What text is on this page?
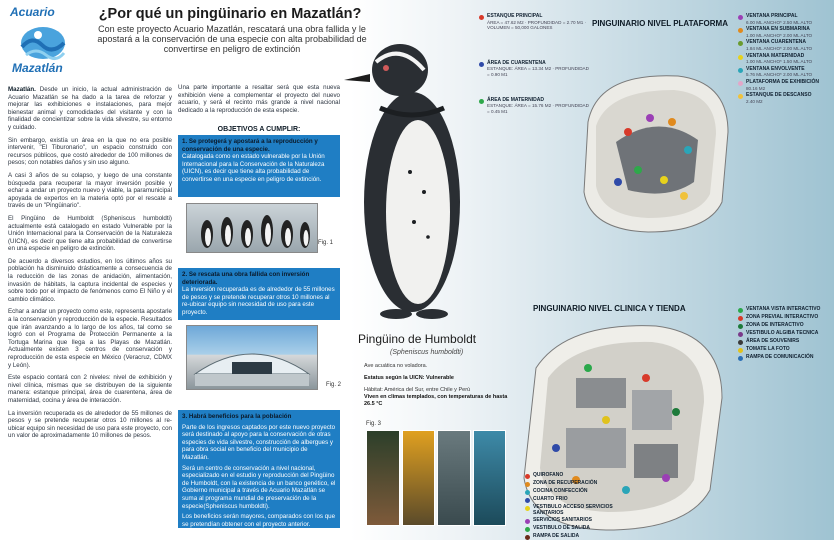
Acuario
Mazatlán
¿Por qué un pingüinario en Mazatlán?
Con este proyecto Acuario Mazatlán, rescatará una obra fallida y le apostará a la conservación de una especie con alta probabilidad de convertirse en peligro de extinción

Mazatlán. Desde un inicio, la actual administración de Acuario Mazatlán se ha dado a la tarea de reforzar y mejorar las exhibiciones e instalaciones, para mejor bienestar animal y comodidades del visitante y con la finalidad de concientizar sobre la vida silvestre, su entorno y cuidado.

Sin embargo, existía un área en la que no era posible intervenir, "El Tiburonario", un espacio construido con recursos públicos, que costó alrededor de 100 millones de pesos; con notables daños y sin uso alguno.

A casi 3 años de su colapso, y luego de una constante búsqueda para recuperar la mayor inversión posible y echar a andar un proyecto nuevo y viable, la paramunicipal apoyada de expertos en la materia optó por el rescate a través de un "Pingüinario".

El Pingüino de Humboldt (Spheniscus humboldti) actualmente está catalogado en estado Vulnerable por la Unión Internacional para la Conservación de la Naturaleza (UICN), es decir que tiene alta probabilidad de convertirse en una especie en peligro de extinción.

De acuerdo a diversos estudios, en los últimos años su población ha disminuido drásticamente a consecuencia de la reducción de las zonas de anidación, alimentación, invasión de hábitats, la captura incidental de especies y sobre todo por el impacto de fenómenos como El Niño y el cambio climático.

Echar a andar un proyecto como este, representa apostarle a la conservación y reproducción de la especie. Resultados que irán avanzando a lo largo de los años, tal como se logró con el Programa de Protección Permanente a la Tortuga Marina que llega a las Playas de Mazatlán. Actualmente existen 3 centros de conservación y reproducción de esta especie en México (Veracruz, CDMX y León).

Este espacio contará con 2 niveles: nivel de exhibición y nivel clínica, mismas que se distribuyen de la siguiente manera: estanque principal, área de cuarentena, área de maternidad, cocina y área de interacción.

La inversión recuperada es de alrededor de 55 millones de pesos y se pretende recuperar otros 10 millones al re-ubicar equipo sin necesidad de uso para este proyecto, con un valor de aproximadamente 10 millones de pesos.

Una parte importante a resaltar será que esta nueva exhibición viene a complementar el proyecto del nuevo acuario, y será el recinto más grande a nivel nacional dedicado a la reproducción de esta especie.
OBJETIVOS A CUMPLIR:
1. Se protegerá y apostará a la reproducción y conservación de una especie.
Catalogada como en estado vulnerable por la Unión Internacional para la Conservación de la Naturaleza (UICN), es decir que tiene alta probabilidad de convertirse en una especie en peligro de extinción.
Fig. 1
2. Se rescata una obra fallida con inversión deteriorada.
La inversión recuperada es de alrededor de 55 millones de pesos y se pretende recuperar otros 10 millones al re-ubicar equipo sin necesidad de uso para este proyecto.
Fig. 2
3. Habrá beneficios para la población
Parte de los ingresos captados por este nuevo proyecto será destinado al apoyo para la conservación de otras especies de vida silvestre, construcción de albergues y para obra social en beneficio del municipio de Mazatlán.
Será un centro de conservación a nivel nacional, especializado en el estudio y reproducción del Pingüino de Humboldt, con la existencia de un banco genético, el Gobierno municipal a través de Acuario Mazatlán se suma al programa mundial de preservación de la especie(Spheniscus humboldti).
Los beneficios serán mayores, comparados con los que se pretendían obtener con el proyecto anterior.
Pingüino de Humboldt
(Spheniscus humboldti)
Ave acuática no voladora.
Estatus según la UICN: Vulnerable
Hábitat: América del Sur, entre Chile y Perú
Viven en climas templados, con temperaturas de hasta 26.5 °C
Fig. 3
ESTANQUE PRINCIPAL
ÁREA = 47.62 M2 · PROFUNDIDAD = 2.70 M1 · VOLUMEN = 50,000 GALONES
ÁREA DE CUARENTENA
ESTANQUE: ÁREA = 13.34 M2 · PROFUNDIDAD = 0.90 M1
ÁREA DE MATERNIDAD
ESTANQUE: ÁREA = 15.76 M2 · PROFUNDIDAD = 0.45 M1
PINGUINARIO NIVEL PLATAFORMA
VENTANA PRINCIPAL
6.00 ML ANCHO* 2.50 ML ALTO
VENTANA EN SUBMARINA
1.00 ML ANCHO* 2.00 ML ALTO
VENTANA CUARENTENA
1.84 ML ANCHO* 2.00 ML ALTO
VENTANA MATERNIDAD
1.00 ML ANCHO* 1.50 ML ALTO
VENTANA ENVOLVENTE
5.76 ML ANCHO* 2.00 ML ALTO
PLATAFORMA DE EXHIBICIÓN
80.16 M2
ESTANQUE DE DESCANSO
2.40 M2
PINGUINARIO NIVEL CLINICA Y TIENDA	VENTANA VISTA INTERACTIVO
ZONA PREVIAL INTERACTIVO
ZONA DE INTERACTIVO
VESTIBULO ALGIBA TECNICA
ÁREA DE SOUVENIRS
TOMATE LA FOTO
RAMPA DE COMUNICACIÓN
QUIROFANO
ZONA DE RECUPERACIÓN
COCINA CONFECCIÓN
CUARTO FRIO
VESTIBULO ACCESO SERVICIOS SANITARIOS
SERVICIOS SANITARIOS
VESTIBULO DE SALIDA
RAMPA DE SALIDA
